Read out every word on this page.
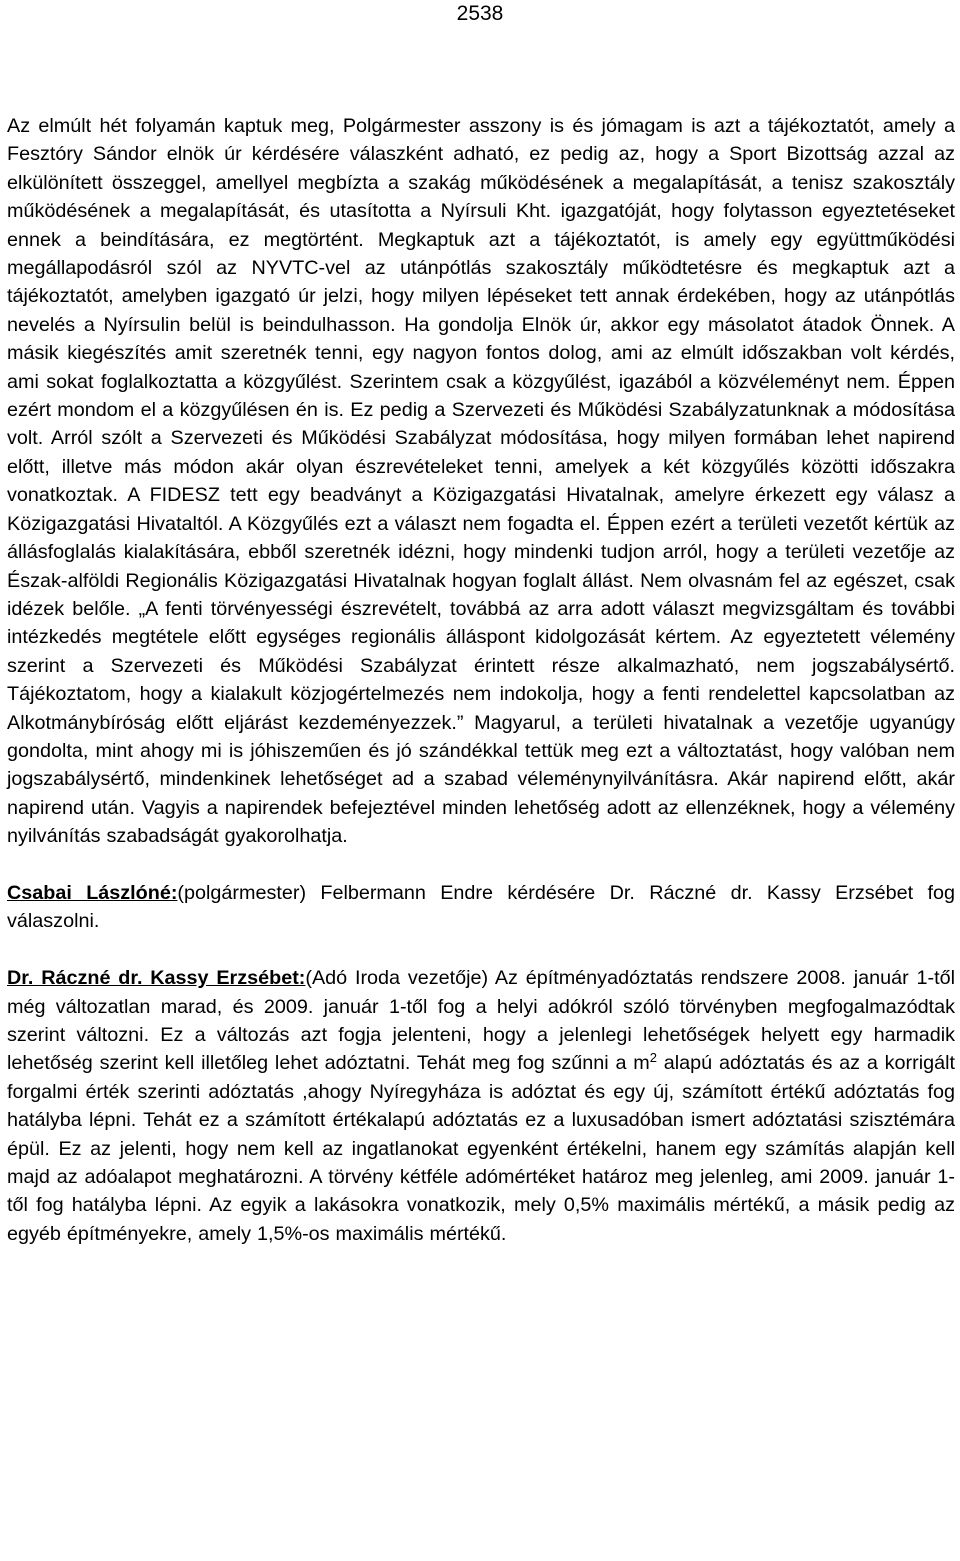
2538

Az elmúlt hét folyamán kaptuk meg, Polgármester asszony is és jómagam is azt a tájékoztatót, amely a Fesztóry Sándor elnök úr kérdésére válaszként adható, ez pedig az, hogy a Sport Bizottság azzal az elkülönített összeggel, amellyel megbízta a szakág működésének a megalapítását, a tenisz szakosztály működésének a megalapítását, és utasította a Nyírsuli Kht. igazgatóját, hogy folytasson egyeztetéseket ennek a beindítására, ez megtörtént. Megkaptuk azt a tájékoztatót, is amely egy együttműködési megállapodásról szól az NYVTC-vel az utánpótlás szakosztály működtetésre és megkaptuk azt a tájékoztatót, amelyben igazgató úr jelzi, hogy milyen lépéseket tett annak érdekében, hogy az utánpótlás nevelés a Nyírsulin belül is beindulhasson. Ha gondolja Elnök úr, akkor egy másolatot átadok Önnek. A másik kiegészítés amit szeretnék tenni, egy nagyon fontos dolog, ami az elmúlt időszakban volt kérdés, ami sokat foglalkoztatta a közgyűlést. Szerintem csak a közgyűlést, igazából a közvéleményt nem. Éppen ezért mondom el a közgyűlésen én is. Ez pedig a Szervezeti és Működési Szabályzatunknak a módosítása volt. Arról szólt a Szervezeti és Működési Szabályzat módosítása, hogy milyen formában lehet napirend előtt, illetve más módon akár olyan észrevételeket tenni, amelyek a két közgyűlés közötti időszakra vonatkoztak. A FIDESZ tett egy beadványt a Közigazgatási Hivatalnak, amelyre érkezett egy válasz a Közigazgatási Hivataltól. A Közgyűlés ezt a választ nem fogadta el. Éppen ezért a területi vezetőt kértük az állásfoglalás kialakítására, ebből szeretnék idézni, hogy mindenki tudjon arról, hogy a területi vezetője az Észak-alföldi Regionális Közigazgatási Hivatalnak hogyan foglalt állást. Nem olvasnám fel az egészet, csak idézek belőle. „A fenti törvényességi észrevételt, továbbá az arra adott választ megvizsgáltam és további intézkedés megtétele előtt egységes regionális álláspont kidolgozását kértem. Az egyeztetett vélemény szerint a Szervezeti és Működési Szabályzat érintett része alkalmazható, nem jogszabálysértő. Tájékoztatom, hogy a kialakult közjogértelmezés nem indokolja, hogy a fenti rendelettel kapcsolatban az Alkotmánybíróság előtt eljárást kezdeményezzek.” Magyarul, a területi hivatalnak a vezetője ugyanúgy gondolta, mint ahogy mi is jóhiszeműen és jó szándékkal tettük meg ezt a változtatást, hogy valóban nem jogszabálysértő, mindenkinek lehetőséget ad a szabad véleménynyilvánításra. Akár napirend előtt, akár napirend után. Vagyis a napirendek befejeztével minden lehetőség adott az ellenzéknek, hogy a vélemény nyilvánítás szabadságát gyakorolhatja.

Csabai Lászlóné:(polgármester) Felbermann Endre kérdésére Dr. Ráczné dr. Kassy Erzsébet fog válaszolni.

Dr. Ráczné dr. Kassy Erzsébet:(Adó Iroda vezetője) Az építményadóztatás rendszere 2008. január 1-től még változatlan marad, és 2009. január 1-től fog a helyi adókról szóló törvényben megfogalmazódtak szerint változni. Ez a változás azt fogja jelenteni, hogy a jelenlegi lehetőségek helyett egy harmadik lehetőség szerint kell illetőleg lehet adóztatni. Tehát meg fog szűnni a $m^2$ alapú adóztatás és az a korrigált forgalmi érték szerinti adóztatás ,ahogy Nyíregyháza is adóztat és egy új, számított értékű adóztatás fog hatályba lépni. Tehát ez a számított értékalapú adóztatás ez a luxusadóban ismert adóztatási szisztémára épül. Ez az jelenti, hogy nem kell az ingatlanokat egyenként értékelni, hanem egy számítás alapján kell majd az adóalapot meghatározni. A törvény kétféle adómértéket határoz meg jelenleg, ami 2009. január 1-től fog hatályba lépni. Az egyik a lakásokra vonatkozik, mely 0,5% maximális mértékű, a másik pedig az egyéb építményekre, amely 1,5%-os maximális mértékű.
